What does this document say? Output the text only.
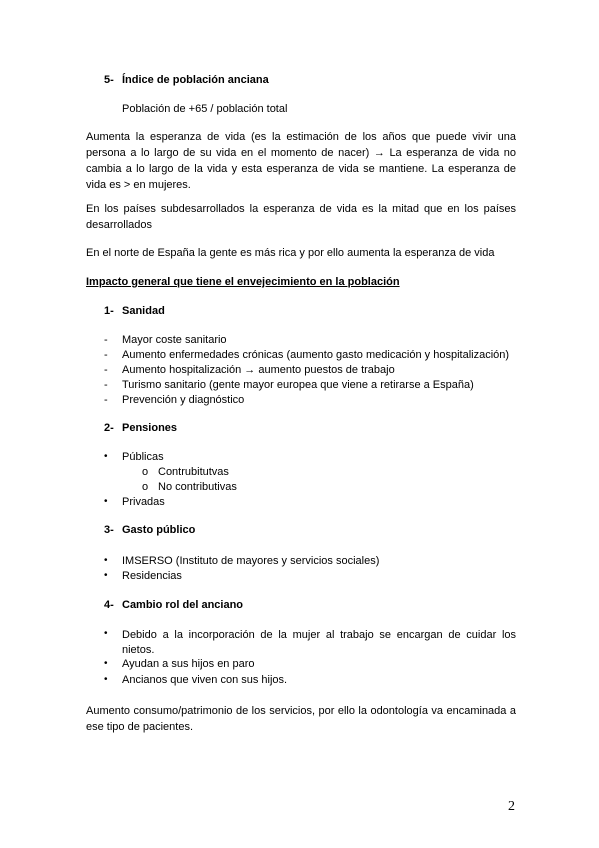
5- Índice de población anciana
Población de +65 / población total
Aumenta la esperanza de vida (es la estimación de los años que puede vivir una persona a lo largo de su vida en el momento de nacer) → La esperanza de vida no cambia a lo largo de la vida y esta esperanza de vida se mantiene. La esperanza de vida es > en mujeres.
En los países subdesarrollados la esperanza de vida es la mitad que en los países desarrollados
En el norte de España la gente es más rica y por ello aumenta la esperanza de vida
Impacto general que tiene el envejecimiento en la población
1- Sanidad
- Mayor coste sanitario
- Aumento enfermedades crónicas (aumento gasto medicación y hospitalización)
- Aumento hospitalización → aumento puestos de trabajo
- Turismo sanitario (gente mayor europea que viene a retirarse a España)
- Prevención y diagnóstico
2- Pensiones
• Públicas
o Contrubitutvas
o No contributivas
• Privadas
3- Gasto público
• IMSERSO (Instituto de mayores y servicios sociales)
• Residencias
4- Cambio rol del anciano
• Debido a la incorporación de la mujer al trabajo se encargan de cuidar los nietos.
• Ayudan a sus hijos en paro
• Ancianos que viven con sus hijos.
Aumento consumo/patrimonio de los servicios, por ello la odontología va encaminada a ese tipo de pacientes.
2
